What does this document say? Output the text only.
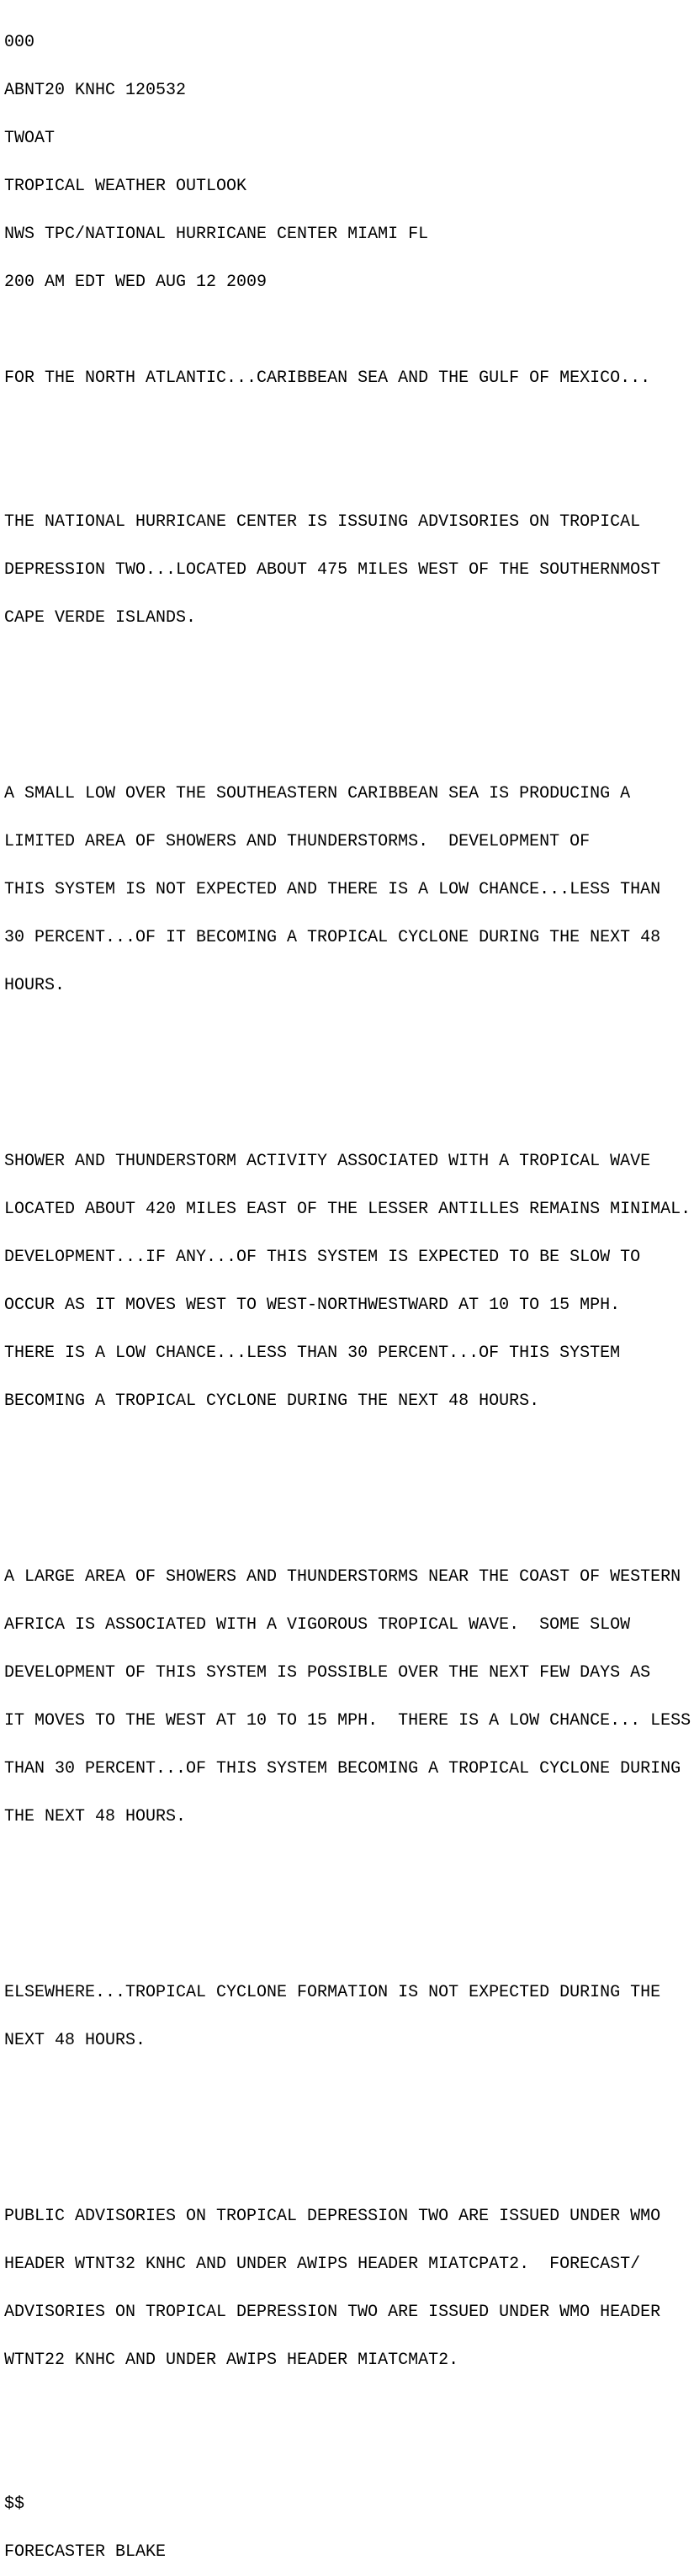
000

ABNT20 KNHC 120532

TWOAT

TROPICAL WEATHER OUTLOOK

NWS TPC/NATIONAL HURRICANE CENTER MIAMI FL

200 AM EDT WED AUG 12 2009

FOR THE NORTH ATLANTIC...CARIBBEAN SEA AND THE GULF OF MEXICO...

THE NATIONAL HURRICANE CENTER IS ISSUING ADVISORIES ON TROPICAL

DEPRESSION TWO...LOCATED ABOUT 475 MILES WEST OF THE SOUTHERNMOST

CAPE VERDE ISLANDS.

A SMALL LOW OVER THE SOUTHEASTERN CARIBBEAN SEA IS PRODUCING A

LIMITED AREA OF SHOWERS AND THUNDERSTORMS.  DEVELOPMENT OF

THIS SYSTEM IS NOT EXPECTED AND THERE IS A LOW CHANCE...LESS THAN

30 PERCENT...OF IT BECOMING A TROPICAL CYCLONE DURING THE NEXT 48

HOURS.

SHOWER AND THUNDERSTORM ACTIVITY ASSOCIATED WITH A TROPICAL WAVE

LOCATED ABOUT 420 MILES EAST OF THE LESSER ANTILLES REMAINS MINIMAL.

DEVELOPMENT...IF ANY...OF THIS SYSTEM IS EXPECTED TO BE SLOW TO

OCCUR AS IT MOVES WEST TO WEST-NORTHWESTWARD AT 10 TO 15 MPH.

THERE IS A LOW CHANCE...LESS THAN 30 PERCENT...OF THIS SYSTEM

BECOMING A TROPICAL CYCLONE DURING THE NEXT 48 HOURS.

A LARGE AREA OF SHOWERS AND THUNDERSTORMS NEAR THE COAST OF WESTERN

AFRICA IS ASSOCIATED WITH A VIGOROUS TROPICAL WAVE.  SOME SLOW

DEVELOPMENT OF THIS SYSTEM IS POSSIBLE OVER THE NEXT FEW DAYS AS

IT MOVES TO THE WEST AT 10 TO 15 MPH.  THERE IS A LOW CHANCE... LESS

THAN 30 PERCENT...OF THIS SYSTEM BECOMING A TROPICAL CYCLONE DURING

THE NEXT 48 HOURS.

ELSEWHERE...TROPICAL CYCLONE FORMATION IS NOT EXPECTED DURING THE

NEXT 48 HOURS.

PUBLIC ADVISORIES ON TROPICAL DEPRESSION TWO ARE ISSUED UNDER WMO

HEADER WTNT32 KNHC AND UNDER AWIPS HEADER MIATCPAT2.  FORECAST/

ADVISORIES ON TROPICAL DEPRESSION TWO ARE ISSUED UNDER WMO HEADER

WTNT22 KNHC AND UNDER AWIPS HEADER MIATCMAT2.

$$

FORECASTER BLAKE
